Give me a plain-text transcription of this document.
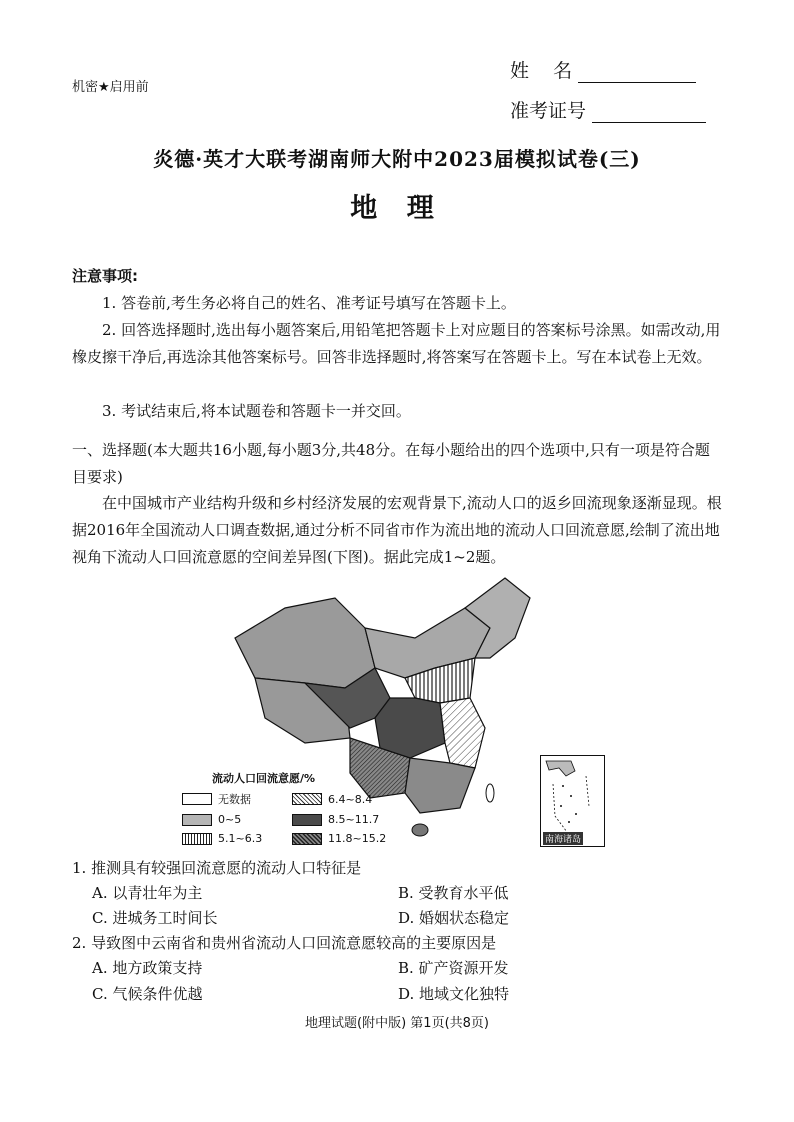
机密★启用前
姓    名
准考证号
炎德·英才大联考湖南师大附中2023届模拟试卷(三)
地 理
注意事项:
1. 答卷前,考生务必将自己的姓名、准考证号填写在答题卡上。
2. 回答选择题时,选出每小题答案后,用铅笔把答题卡上对应题目的答案标号涂黑。如需改动,用橡皮擦干净后,再选涂其他答案标号。回答非选择题时,将答案写在答题卡上。写在本试卷上无效。
3. 考试结束后,将本试题卷和答题卡一并交回。
一、选择题(本大题共16小题,每小题3分,共48分。在每小题给出的四个选项中,只有一项是符合题目要求)
在中国城市产业结构升级和乡村经济发展的宏观背景下,流动人口的返乡回流现象逐渐显现。根据2016年全国流动人口调查数据,通过分析不同省市作为流出地的流动人口回流意愿,绘制了流出地视角下流动人口回流意愿的空间差异图(下图)。据此完成1~2题。
流动人口回流意愿/%
无数据	6.4~8.4
0~5	8.5~11.7
5.1~6.3	11.8~15.2	南海诸岛
1. 推测具有较强回流意愿的流动人口特征是
A. 以青壮年为主	B. 受教育水平低
C. 进城务工时间长	D. 婚姻状态稳定
2. 导致图中云南省和贵州省流动人口回流意愿较高的主要原因是
A. 地方政策支持	B. 矿产资源开发
C. 气候条件优越	D. 地域文化独特
地理试题(附中版) 第1页(共8页)
